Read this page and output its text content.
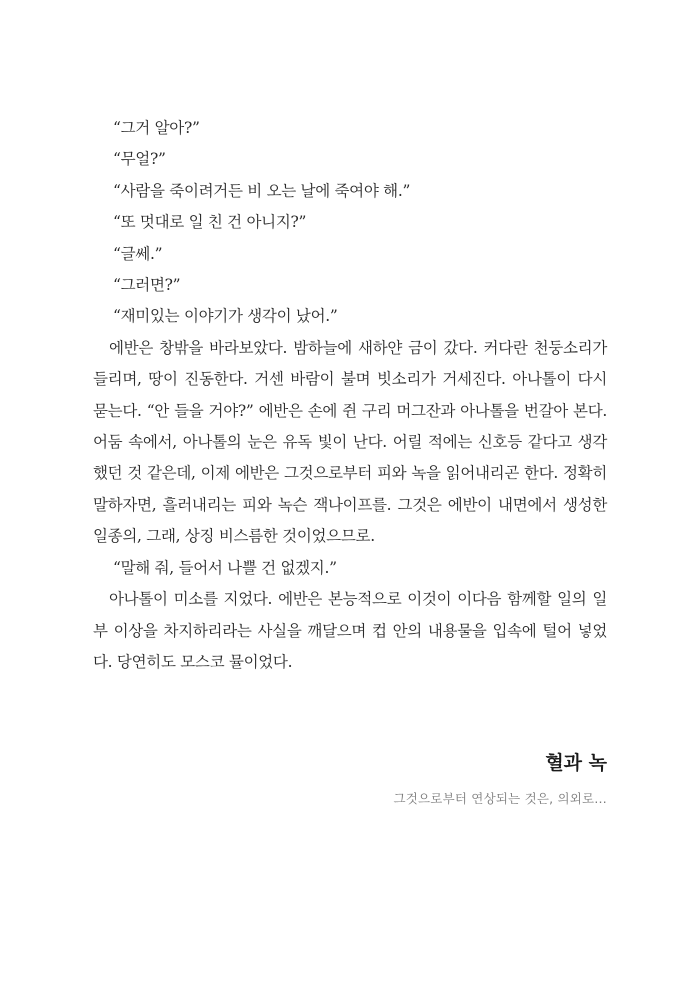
“그거 알아?”

“무얼?”

“사람을 죽이려거든 비 오는 날에 죽여야 해.”

“또 멋대로 일 친 건 아니지?”

“글쎄.”

“그러면?”

“재미있는 이야기가 생각이 났어.”

에반은 창밖을 바라보았다. 밤하늘에 새하얀 금이 갔다. 커다란 천둥소리가 들리며, 땅이 진동한다. 거센 바람이 불며 빗소리가 거세진다. 아나톨이 다시 묻는다. “안 들을 거야?” 에반은 손에 쥔 구리 머그잔과 아나톨을 번갈아 본다. 어둠 속에서, 아나톨의 눈은 유독 빛이 난다. 어릴 적에는 신호등 같다고 생각했던 것 같은데, 이제 에반은 그것으로부터 피와 녹을 읽어내리곤 한다. 정확히 말하자면, 흘러내리는 피와 녹슨 잭나이프를. 그것은 에반이 내면에서 생성한 일종의, 그래, 상징 비스름한 것이었으므로.

“말해 줘, 들어서 나쁠 건 없겠지.”

아나톨이 미소를 지었다. 에반은 본능적으로 이것이 이다음 함께할 일의 일부 이상을 차지하리라는 사실을 깨달으며 컵 안의 내용물을 입속에 털어 넣었다. 당연히도 모스코 뮬이었다.

혈과 녹

그것으로부터 연상되는 것은, 의외로…
